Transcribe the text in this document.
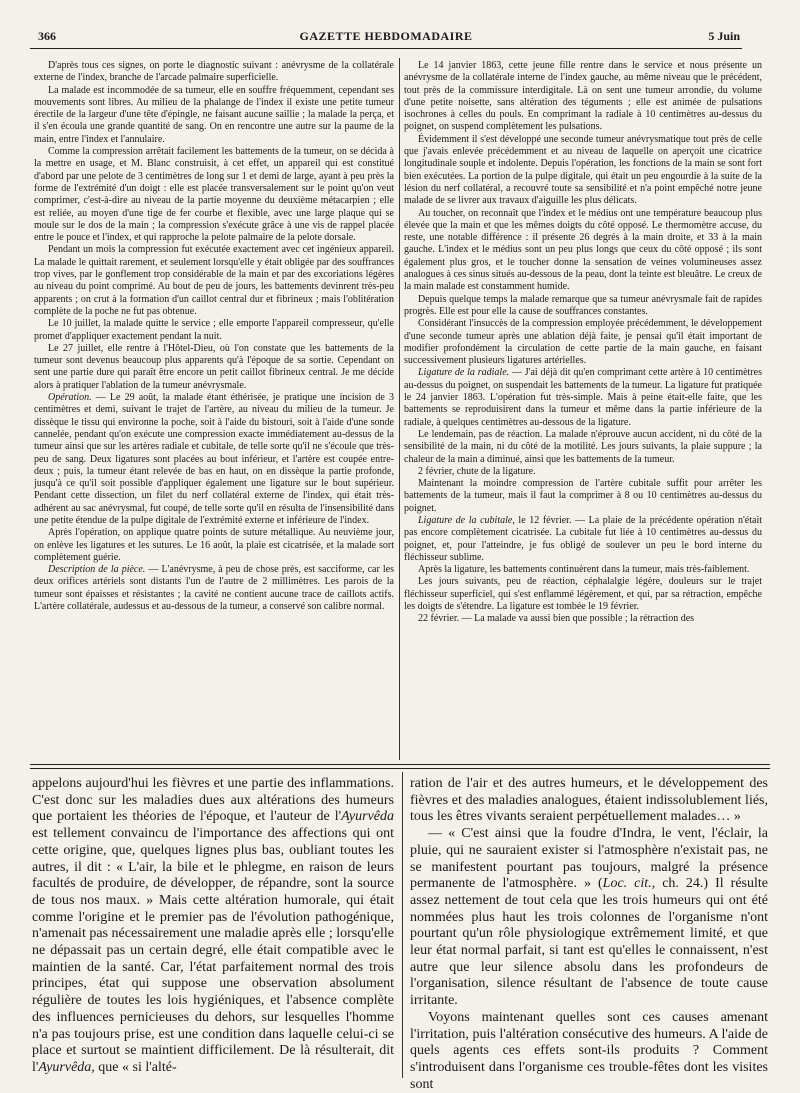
366	GAZETTE HEBDOMADAIRE	5 Juin

D'après tous ces signes, on porte le diagnostic suivant : anévrysme de la collatérale externe de l'index, branche de l'arcade palmaire superficielle.

La malade est incommodée de sa tumeur, elle en souffre fréquemment, cependant ses mouvements sont libres. Au milieu de la phalange de l'index il existe une petite tumeur érectile de la largeur d'une tête d'épingle, ne faisant aucune saillie ; la malade la perça, et il s'en écoula une grande quantité de sang. On en rencontre une autre sur la paume de la main, entre l'index et l'annulaire.

Comme la compression arrêtait facilement les battements de la tumeur, on se décida à la mettre en usage, et M. Blanc construisit, à cet effet, un appareil qui est constitué d'abord par une pelote de 3 centimètres de long sur 1 et demi de large, ayant à peu près la forme de l'extrémité d'un doigt : elle est placée transversalement sur le point qu'on veut comprimer, c'est-à-dire au niveau de la partie moyenne du deuxième métacarpien ; elle est reliée, au moyen d'une tige de fer courbe et flexible, avec une large plaque qui se moule sur le dos de la main ; la compression s'exécute grâce à une vis de rappel placée entre le pouce et l'index, et qui rapproche la pelote palmaire de la pelote dorsale.

Pendant un mois la compression fut exécutée exactement avec cet ingénieux appareil. La malade le quittait rarement, et seulement lorsqu'elle y était obligée par des souffrances trop vives, par le gonflement trop considérable de la main et par des excoriations légères au niveau du point comprimé. Au bout de peu de jours, les battements devinrent très-peu apparents ; on crut à la formation d'un caillot central dur et fibrineux ; mais l'oblitération complète de la poche ne fut pas obtenue.

Le 10 juillet, la malade quitte le service ; elle emporte l'appareil compresseur, qu'elle promet d'appliquer exactement pendant la nuit.

Le 27 juillet, elle rentre à l'Hôtel-Dieu, où l'on constate que les battements de la tumeur sont devenus beaucoup plus apparents qu'à l'époque de sa sortie. Cependant on sent une partie dure qui paraît être encore un petit caillot fibrineux central. Je me décide alors à pratiquer l'ablation de la tumeur anévrysmale.

Opération. — Le 29 août, la malade étant éthérisée, je pratique une incision de 3 centimètres et demi, suivant le trajet de l'artère, au niveau du milieu de la tumeur. Je dissèque le tissu qui environne la poche, soit à l'aide du bistouri, soit à l'aide d'une sonde cannelée, pendant qu'on exécute une compression exacte immédiatement au-dessus de la tumeur ainsi que sur les artères radiale et cubitale, de telle sorte qu'il ne s'écoule que très-peu de sang. Deux ligatures sont placées au bout inférieur, et l'artère est coupée entre-deux ; puis, la tumeur étant relevée de bas en haut, on en dissèque la partie profonde, jusqu'à ce qu'il soit possible d'appliquer également une ligature sur le bout supérieur. Pendant cette dissection, un filet du nerf collatéral externe de l'index, qui était très-adhérent au sac anévrysmal, fut coupé, de telle sorte qu'il en résulta de l'insensibilité dans une petite étendue de la pulpe digitale de l'extrémité externe et inférieure de l'index.

Après l'opération, on applique quatre points de suture métallique. Au neuvième jour, on enlève les ligatures et les sutures. Le 16 août, la plaie est cicatrisée, et la malade sort complètement guérie.

Description de la pièce. — L'anévrysme, à peu de chose près, est sacciforme, car les deux orifices artériels sont distants l'un de l'autre de 2 millimètres. Les parois de la tumeur sont épaisses et résistantes ; la cavité ne contient aucune trace de caillots actifs. L'artère collatérale, audessus et au-dessous de la tumeur, a conservé son calibre normal.

Le 14 janvier 1863, cette jeune fille rentre dans le service et nous présente un anévrysme de la collatérale interne de l'index gauche, au même niveau que le précédent, tout près de la commissure interdigitale. Là on sent une tumeur arrondie, du volume d'une petite noisette, sans altération des téguments ; elle est animée de pulsations isochrones à celles du pouls. En comprimant la radiale à 10 centimètres au-dessus du poignet, on suspend complètement les pulsations.

Évidemment il s'est développé une seconde tumeur anévrysmatique tout près de celle que j'avais enlevée précédemment et au niveau de laquelle on aperçoit une cicatrice longitudinale souple et indolente. Depuis l'opération, les fonctions de la main se sont fort bien exécutées. La portion de la pulpe digitale, qui était un peu engourdie à la suite de la lésion du nerf collatéral, a recouvré toute sa sensibilité et n'a point empêché notre jeune malade de se livrer aux travaux d'aiguille les plus délicats.

Au toucher, on reconnaît que l'index et le médius ont une température beaucoup plus élevée que la main et que les mêmes doigts du côté opposé. Le thermomètre accuse, du reste, une notable différence : il présente 26 degrés à la main droite, et 33 à la main gauche. L'index et le médius sont un peu plus longs que ceux du côté opposé ; ils sont également plus gros, et le toucher donne la sensation de veines volumineuses assez analogues à ces sinus situés au-dessous de la peau, dont la teinte est bleuâtre. Le creux de la main malade est constamment humide.

Depuis quelque temps la malade remarque que sa tumeur anévrysmale fait de rapides progrès. Elle est pour elle la cause de souffrances constantes.

Considérant l'insuccès de la compression employée précédemment, le développement d'une seconde tumeur après une ablation déjà faite, je pensai qu'il était important de modifier profondément la circulation de cette partie de la main gauche, en faisant successivement plusieurs ligatures artérielles.

Ligature de la radiale. — J'ai déjà dit qu'en comprimant cette artère à 10 centimètres au-dessus du poignet, on suspendait les battements de la tumeur. La ligature fut pratiquée le 24 janvier 1863. L'opération fut très-simple. Mais à peine était-elle faite, que les battements se reproduisirent dans la tumeur et même dans la partie inférieure de la radiale, à quelques centimètres au-dessous de la ligature.

Le lendemain, pas de réaction. La malade n'éprouve aucun accident, ni du côté de la sensibilité de la main, ni du côté de la motilité. Les jours suivants, la plaie suppure ; la chaleur de la main a diminué, ainsi que les battements de la tumeur.

2 février, chute de la ligature.

Maintenant la moindre compression de l'artère cubitale suffit pour arrêter les battements de la tumeur, mais il faut la comprimer à 8 ou 10 centimètres au-dessus du poignet.

Ligature de la cubitale, le 12 février. — La plaie de la précédente opération n'était pas encore complètement cicatrisée. La cubitale fut liée à 10 centimètres au-dessus du poignet, et, pour l'atteindre, je fus obligé de soulever un peu le bord interne du fléchisseur sublime.

Après la ligature, les battements continuèrent dans la tumeur, mais très-faiblement.

Les jours suivants, peu de réaction, céphalalgie légère, douleurs sur le trajet fléchisseur superficiel, qui s'est enflammé légèrement, et qui, par sa rétraction, empêche les doigts de s'étendre. La ligature est tombée le 19 février.

22 février. — La malade va aussi bien que possible ; la rétraction des

appelons aujourd'hui les fièvres et une partie des inflammations. C'est donc sur les maladies dues aux altérations des humeurs que portaient les théories de l'époque, et l'auteur de l'Ayurvêda est tellement convaincu de l'importance des affections qui ont cette origine, que, quelques lignes plus bas, oubliant toutes les autres, il dit : « L'air, la bile et le phlegme, en raison de leurs facultés de produire, de développer, de répandre, sont la source de tous nos maux. » Mais cette altération humorale, qui était comme l'origine et le premier pas de l'évolution pathogénique, n'amenait pas nécessairement une maladie après elle ; lorsqu'elle ne dépassait pas un certain degré, elle était compatible avec le maintien de la santé. Car, l'état parfaitement normal des trois principes, état qui suppose une observation absolument régulière de toutes les lois hygiéniques, et l'absence complète des influences pernicieuses du dehors, sur lesquelles l'homme n'a pas toujours prise, est une condition dans laquelle celui-ci se place et surtout se maintient difficilement. De là résulterait, dit l'Ayurvêda, que « si l'alté-

ration de l'air et des autres humeurs, et le développement des fièvres et des maladies analogues, étaient indissolublement liés, tous les êtres vivants seraient perpétuellement malades… »

— « C'est ainsi que la foudre d'Indra, le vent, l'éclair, la pluie, qui ne sauraient exister si l'atmosphère n'existait pas, ne se manifestent pourtant pas toujours, malgré la présence permanente de l'atmosphère. » (Loc. cit., ch. 24.) Il résulte assez nettement de tout cela que les trois humeurs qui ont été nommées plus haut les trois colonnes de l'organisme n'ont pourtant qu'un rôle physiologique extrêmement limité, et que leur état normal parfait, si tant est qu'elles le connaissent, n'est autre que leur silence absolu dans les profondeurs de l'organisation, silence résultant de l'absence de toute cause irritante.

Voyons maintenant quelles sont ces causes amenant l'irritation, puis l'altération consécutive des humeurs. A l'aide de quels agents ces effets sont-ils produits ? Comment s'introduisent dans l'organisme ces trouble-fêtes dont les visites sont
